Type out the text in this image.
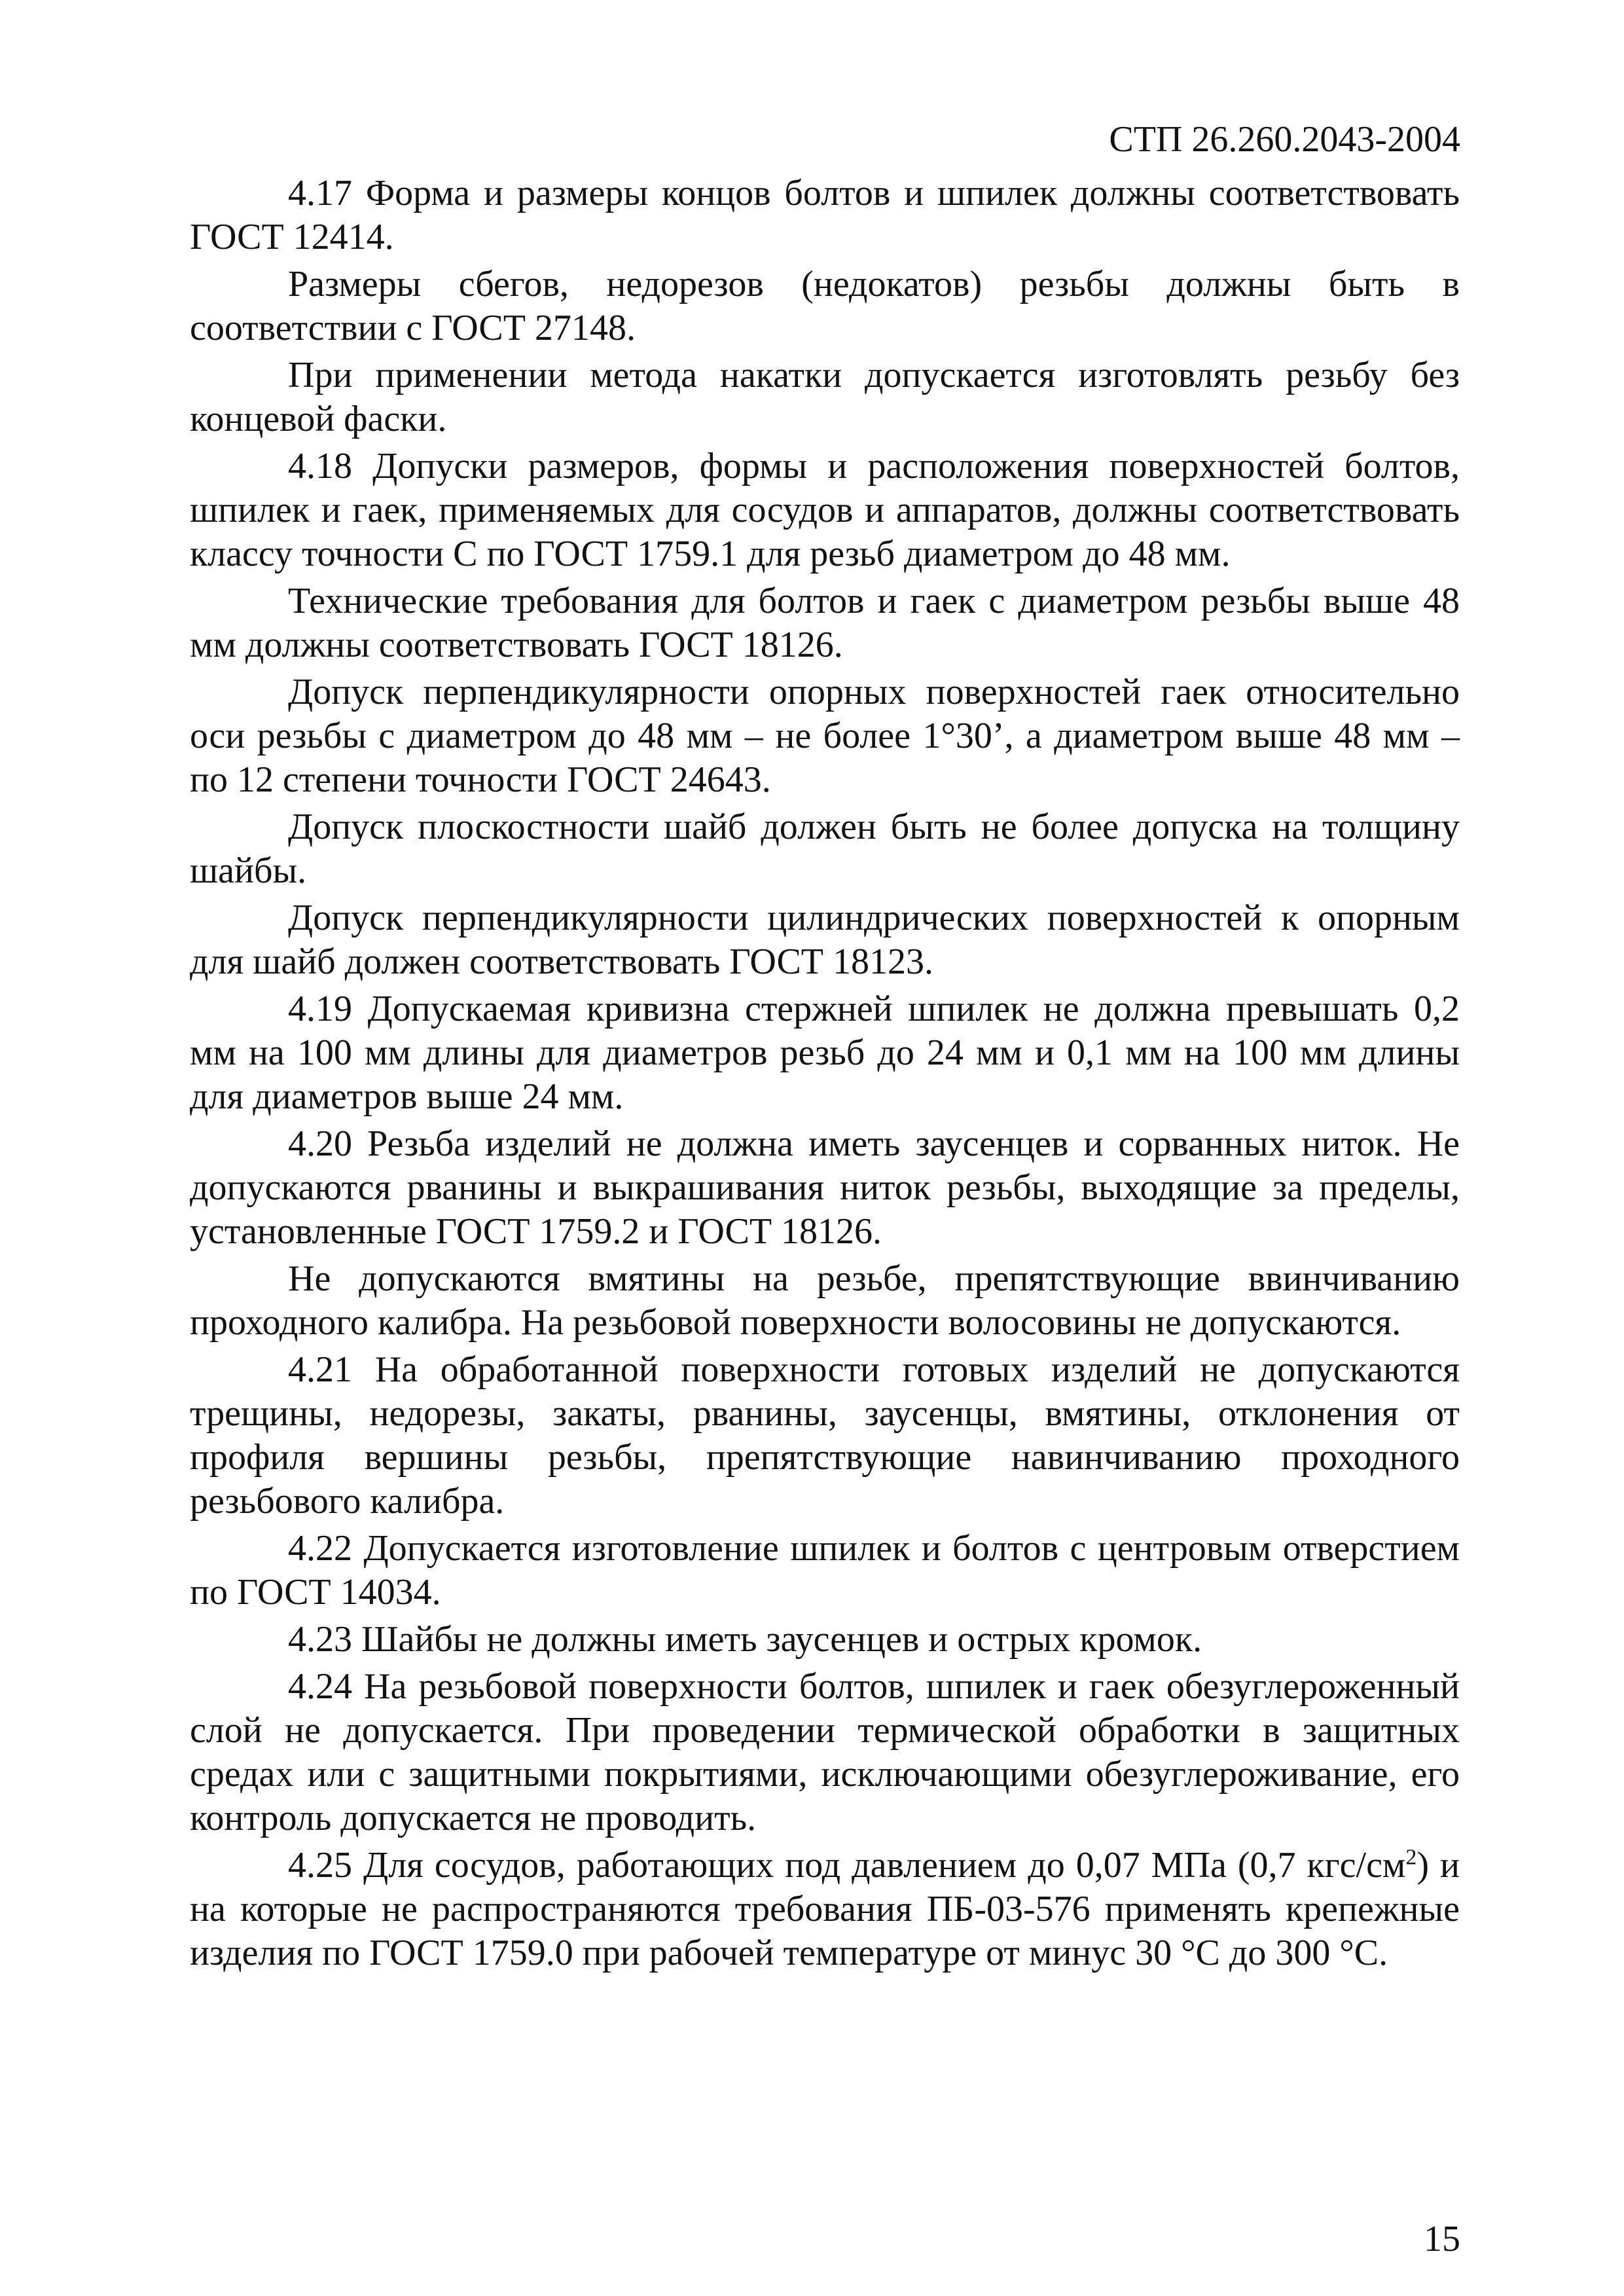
СТП 26.260.2043-2004

4.17 Форма и размеры концов болтов и шпилек должны соответствовать ГОСТ 12414.

Размеры сбегов, недорезов (недокатов) резьбы должны быть в соответствии с ГОСТ 27148.

При применении метода накатки допускается изготовлять резьбу без концевой фаски.

4.18 Допуски размеров, формы и расположения поверхностей болтов, шпилек и гаек, применяемых для сосудов и аппаратов, должны соответствовать классу точности С по ГОСТ 1759.1 для резьб диаметром до 48 мм.

Технические требования для болтов и гаек с диаметром резьбы выше 48 мм должны соответствовать ГОСТ 18126.

Допуск перпендикулярности опорных поверхностей гаек относительно оси резьбы с диаметром до 48 мм – не более 1°30’, а диаметром выше 48 мм – по 12 степени точности ГОСТ 24643.

Допуск плоскостности шайб должен быть не более допуска на толщину шайбы.

Допуск перпендикулярности цилиндрических поверхностей к опорным для шайб должен соответствовать ГОСТ 18123.

4.19 Допускаемая кривизна стержней шпилек не должна превышать 0,2 мм на 100 мм длины для диаметров резьб до 24 мм и 0,1 мм на 100 мм длины для диаметров выше 24 мм.

4.20 Резьба изделий не должна иметь заусенцев и сорванных ниток. Не допускаются рванины и выкрашивания ниток резьбы, выходящие за пределы, установленные ГОСТ 1759.2 и ГОСТ 18126.

Не допускаются вмятины на резьбе, препятствующие ввинчиванию проходного калибра. На резьбовой поверхности волосовины не допускаются.

4.21 На обработанной поверхности готовых изделий не допускаются трещины, недорезы, закаты, рванины, заусенцы, вмятины, отклонения от профиля вершины резьбы, препятствующие навинчиванию проходного резьбового калибра.

4.22 Допускается изготовление шпилек и болтов с центровым отверстием по ГОСТ 14034.

4.23 Шайбы не должны иметь заусенцев и острых кромок.

4.24 На резьбовой поверхности болтов, шпилек и гаек обезуглероженный слой не допускается. При проведении термической обработки в защитных средах или с защитными покрытиями, исключающими обезуглероживание, его контроль допускается не проводить.

4.25 Для сосудов, работающих под давлением до 0,07 МПа (0,7 кгс/$см^2$) и на которые не распространяются требования ПБ-03-576 применять крепежные изделия по ГОСТ 1759.0 при рабочей температуре от минус 30 °С до 300 °С.

15
